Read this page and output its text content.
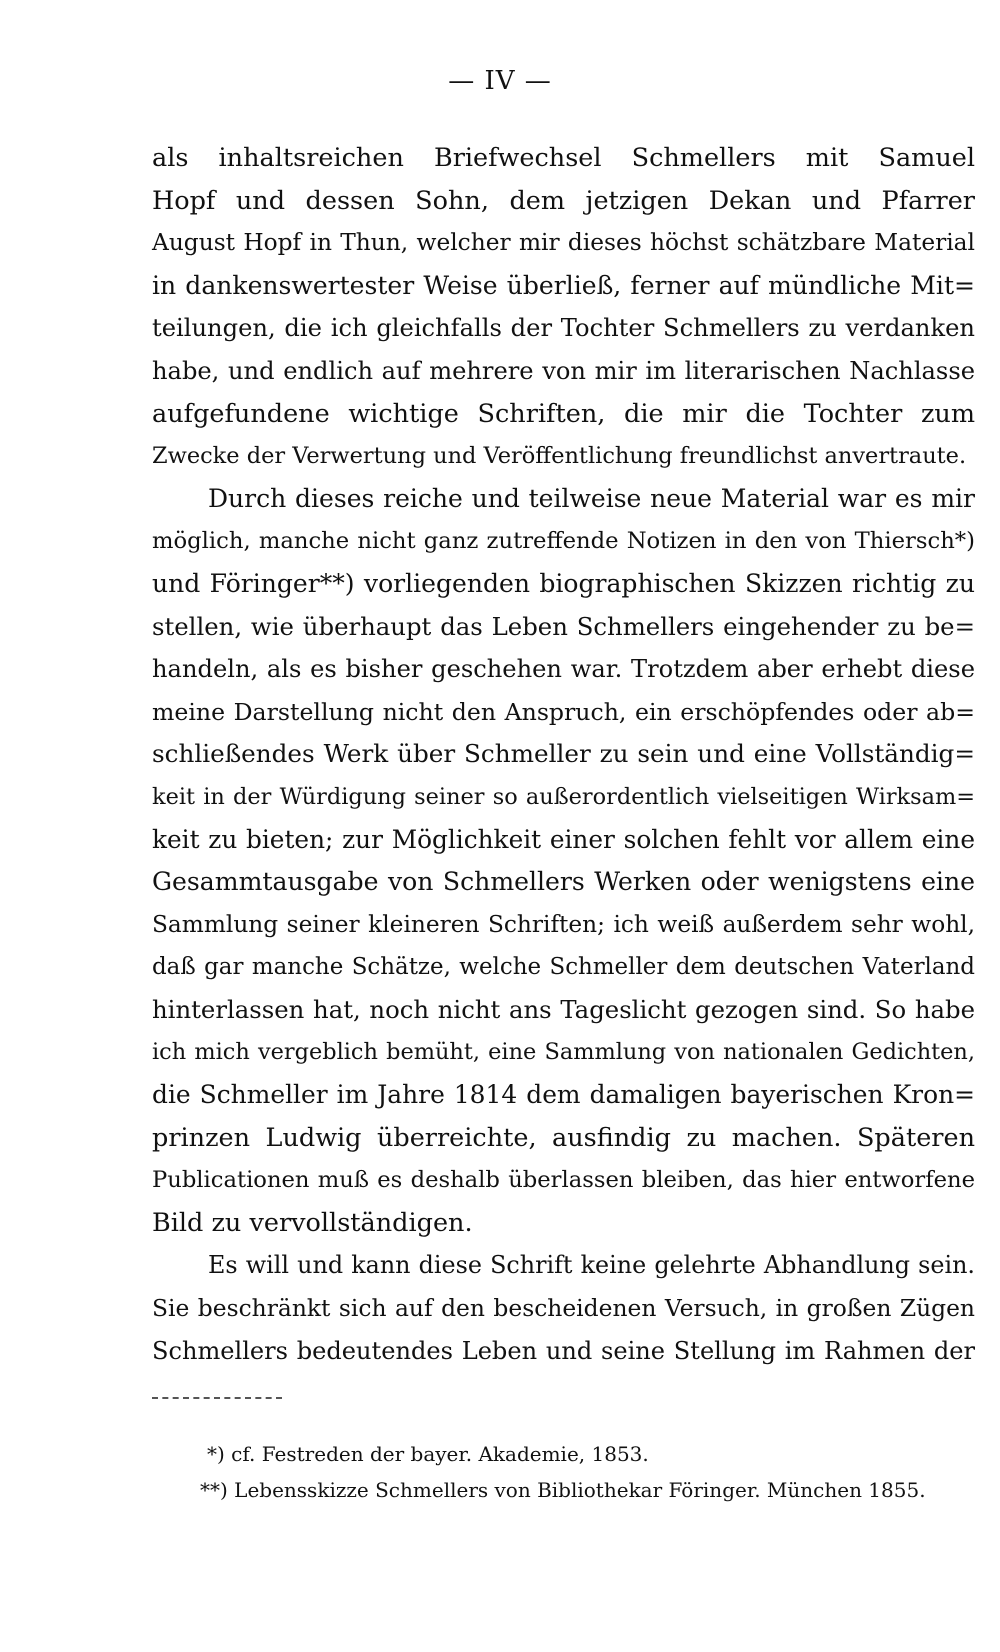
— IV —
als inhaltsreichen Briefwechsel Schmellers mit Samuel
Hopf und dessen Sohn, dem jetzigen Dekan und Pfarrer
August Hopf in Thun, welcher mir dieses höchst schätzbare Material
in dankenswertester Weise überließ, ferner auf mündliche Mit=
teilungen, die ich gleichfalls der Tochter Schmellers zu verdanken
habe, und endlich auf mehrere von mir im literarischen Nachlasse
aufgefundene wichtige Schriften, die mir die Tochter zum
Zwecke der Verwertung und Veröffentlichung freundlichst anvertraute.
Durch dieses reiche und teilweise neue Material war es mir
möglich, manche nicht ganz zutreffende Notizen in den von Thiersch*)
und Föringer**) vorliegenden biographischen Skizzen richtig zu
stellen, wie überhaupt das Leben Schmellers eingehender zu be=
handeln, als es bisher geschehen war. Trotzdem aber erhebt diese
meine Darstellung nicht den Anspruch, ein erschöpfendes oder ab=
schließendes Werk über Schmeller zu sein und eine Vollständig=
keit in der Würdigung seiner so außerordentlich vielseitigen Wirksam=
keit zu bieten; zur Möglichkeit einer solchen fehlt vor allem eine
Gesammtausgabe von Schmellers Werken oder wenigstens eine
Sammlung seiner kleineren Schriften; ich weiß außerdem sehr wohl,
daß gar manche Schätze, welche Schmeller dem deutschen Vaterland
hinterlassen hat, noch nicht ans Tageslicht gezogen sind. So habe
ich mich vergeblich bemüht, eine Sammlung von nationalen Gedichten,
die Schmeller im Jahre 1814 dem damaligen bayerischen Kron=
prinzen Ludwig überreichte, ausfindig zu machen. Späteren
Publicationen muß es deshalb überlassen bleiben, das hier entworfene
Bild zu vervollständigen.
Es will und kann diese Schrift keine gelehrte Abhandlung sein.
Sie beschränkt sich auf den bescheidenen Versuch, in großen Zügen
Schmellers bedeutendes Leben und seine Stellung im Rahmen der
*) cf. Festreden der bayer. Akademie, 1853.
**) Lebensskizze Schmellers von Bibliothekar Föringer. München 1855.
